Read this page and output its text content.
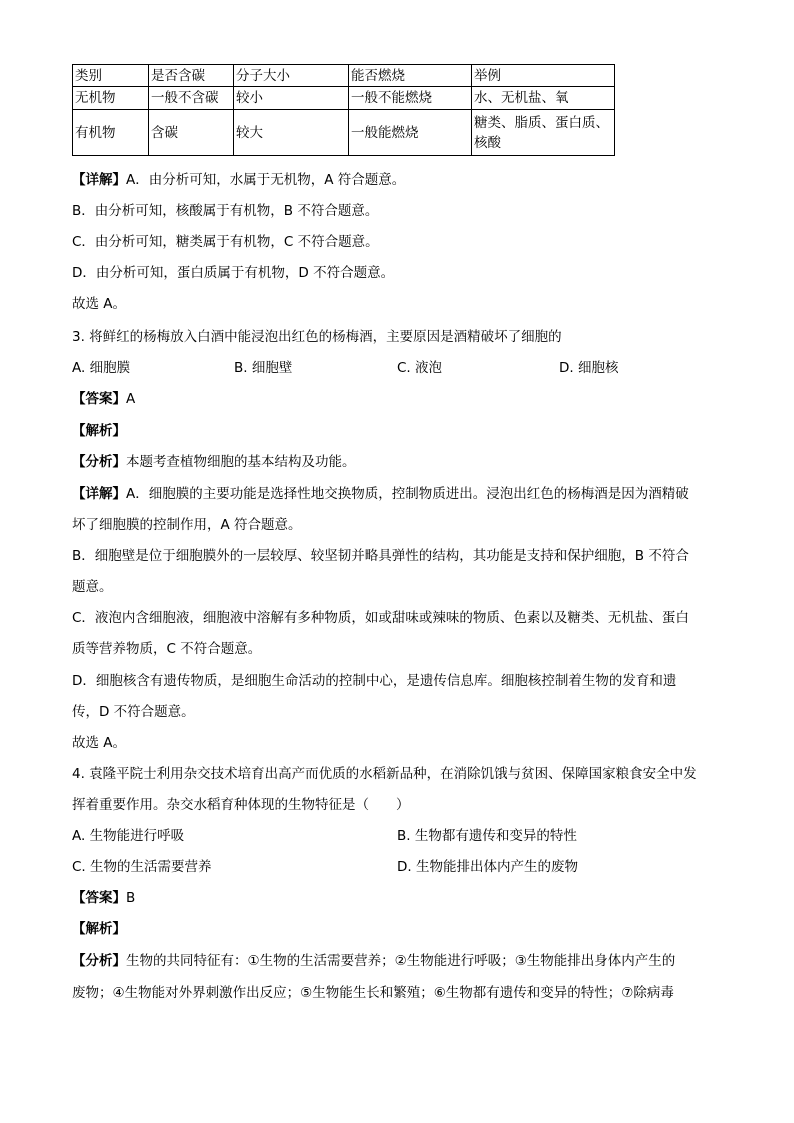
类别	是否含碳	分子大小	能否燃烧	举例
无机物	一般不含碳	较小	一般不能燃烧	水、无机盐、氧
有机物	含碳	较大	一般能燃烧	糖类、脂质、蛋白质、
核酸
【详解】A．由分析可知，水属于无机物，A 符合题意。
B．由分析可知，核酸属于有机物，B 不符合题意。
C．由分析可知，糖类属于有机物，C 不符合题意。
D．由分析可知，蛋白质属于有机物，D 不符合题意。
故选 A。
3. 将鲜红的杨梅放入白酒中能浸泡出红色的杨梅酒，主要原因是酒精破坏了细胞的
A. 细胞膜	B. 细胞壁	C. 液泡	D. 细胞核
【答案】A
【解析】
【分析】本题考查植物细胞的基本结构及功能。
【详解】A．细胞膜的主要功能是选择性地交换物质，控制物质进出。浸泡出红色的杨梅酒是因为酒精破
坏了细胞膜的控制作用，A 符合题意。
B．细胞壁是位于细胞膜外的一层较厚、较坚韧并略具弹性的结构，其功能是支持和保护细胞，B 不符合
题意。
C．液泡内含细胞液，细胞液中溶解有多种物质，如或甜味或辣味的物质、色素以及糖类、无机盐、蛋白
质等营养物质，C 不符合题意。
D．细胞核含有遗传物质，是细胞生命活动的控制中心，是遗传信息库。细胞核控制着生物的发育和遗
传，D 不符合题意。
故选 A。
4. 袁隆平院士利用杂交技术培育出高产而优质的水稻新品种，在消除饥饿与贫困、保障国家粮食安全中发
挥着重要作用。杂交水稻育种体现的生物特征是（　　）
A. 生物能进行呼吸	B. 生物都有遗传和变异的特性
C. 生物的生活需要营养	D. 生物能排出体内产生的废物
【答案】B
【解析】
【分析】生物的共同特征有：①生物的生活需要营养；②生物能进行呼吸；③生物能排出身体内产生的
废物；④生物能对外界刺激作出反应；⑤生物能生长和繁殖；⑥生物都有遗传和变异的特性；⑦除病毒
